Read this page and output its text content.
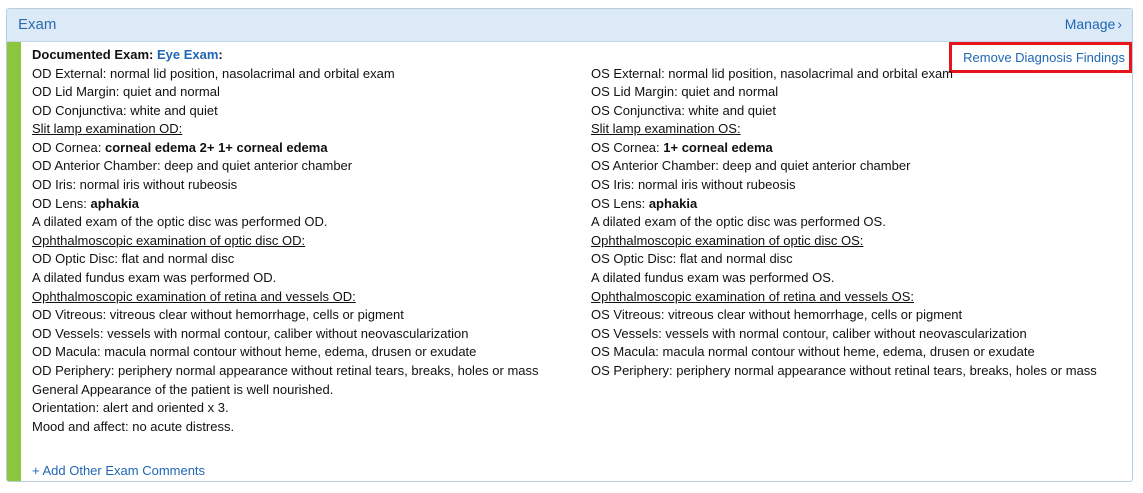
Exam	Manage ›
Documented Exam: Eye Exam:	Remove Diagnosis Findings
OD External: normal lid position, nasolacrimal and orbital exam
OD Lid Margin: quiet and normal
OD Conjunctiva: white and quiet
Slit lamp examination OD:
OD Cornea: corneal edema 2+ 1+ corneal edema
OD Anterior Chamber: deep and quiet anterior chamber
OD Iris: normal iris without rubeosis
OD Lens: aphakia
A dilated exam of the optic disc was performed OD.
Ophthalmoscopic examination of optic disc OD:
OD Optic Disc: flat and normal disc
A dilated fundus exam was performed OD.
Ophthalmoscopic examination of retina and vessels OD:
OD Vitreous: vitreous clear without hemorrhage, cells or pigment
OD Vessels: vessels with normal contour, caliber without neovascularization
OD Macula: macula normal contour without heme, edema, drusen or exudate
OD Periphery: periphery normal appearance without retinal tears, breaks, holes or mass
General Appearance of the patient is well nourished.
Orientation: alert and oriented x 3.
Mood and affect: no acute distress.
OS External: normal lid position, nasolacrimal and orbital exam
OS Lid Margin: quiet and normal
OS Conjunctiva: white and quiet
Slit lamp examination OS:
OS Cornea: 1+ corneal edema
OS Anterior Chamber: deep and quiet anterior chamber
OS Iris: normal iris without rubeosis
OS Lens: aphakia
A dilated exam of the optic disc was performed OS.
Ophthalmoscopic examination of optic disc OS:
OS Optic Disc: flat and normal disc
A dilated fundus exam was performed OS.
Ophthalmoscopic examination of retina and vessels OS:
OS Vitreous: vitreous clear without hemorrhage, cells or pigment
OS Vessels: vessels with normal contour, caliber without neovascularization
OS Macula: macula normal contour without heme, edema, drusen or exudate
OS Periphery: periphery normal appearance without retinal tears, breaks, holes or mass
+ Add Other Exam Comments
